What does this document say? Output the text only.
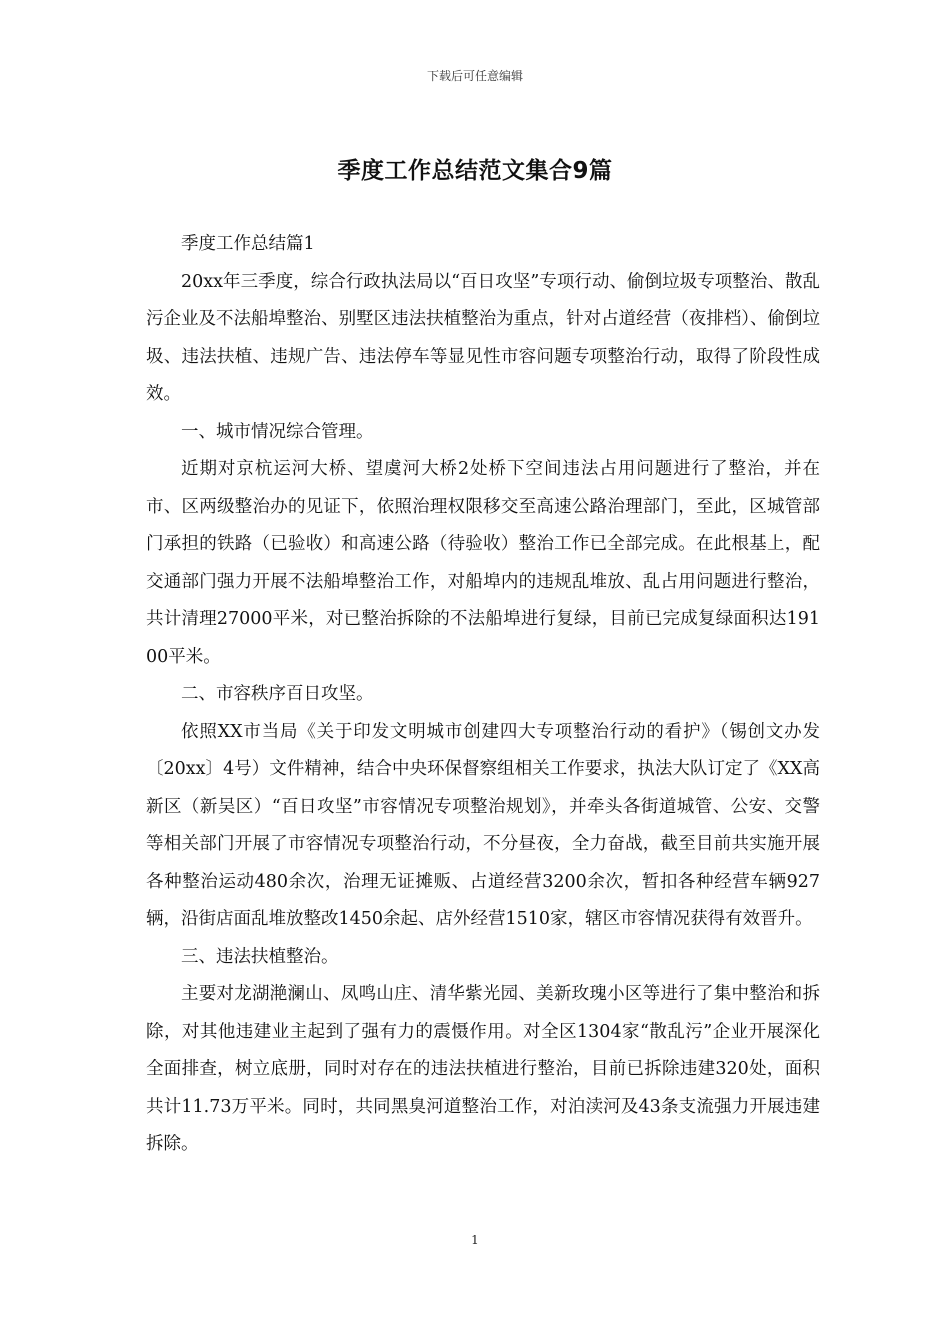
下载后可任意编辑
季度工作总结范文集合9篇

季度工作总结篇1

20xx年三季度，综合行政执法局以“百日攻坚”专项行动、偷倒垃圾专项整治、散乱污企业及不法船埠整治、别墅区违法扶植整治为重点，针对占道经营（夜排档）、偷倒垃圾、违法扶植、违规广告、违法停车等显见性市容问题专项整治行动，取得了阶段性成效。

一、城市情况综合管理。

近期对京杭运河大桥、望虞河大桥2处桥下空间违法占用问题进行了整治，并在市、区两级整治办的见证下，依照治理权限移交至高速公路治理部门，至此，区城管部门承担的铁路（已验收）和高速公路（待验收）整治工作已全部完成。在此根基上，配交通部门强力开展不法船埠整治工作，对船埠内的违规乱堆放、乱占用问题进行整治，共计清理27000平米，对已整治拆除的不法船埠进行复绿，目前已完成复绿面积达19100平米。

二、市容秩序百日攻坚。

依照XX市当局《关于印发文明城市创建四大专项整治行动的看护》（锡创文办发〔20xx〕4号）文件精神，结合中央环保督察组相关工作要求，执法大队订定了《XX高新区（新吴区）“百日攻坚”市容情况专项整治规划》，并牵头各街道城管、公安、交警等相关部门开展了市容情况专项整治行动，不分昼夜，全力奋战，截至目前共实施开展各种整治运动480余次，治理无证摊贩、占道经营3200余次，暂扣各种经营车辆927辆，沿街店面乱堆放整改1450余起、店外经营1510家，辖区市容情况获得有效晋升。

三、违法扶植整治。

主要对龙湖滟澜山、凤鸣山庄、清华紫光园、美新玫瑰小区等进行了集中整治和拆除，对其他违建业主起到了强有力的震慑作用。对全区1304家“散乱污”企业开展深化全面排查，树立底册，同时对存在的违法扶植进行整治，目前已拆除违建320处，面积共计11.73万平米。同时，共同黑臭河道整治工作，对泊渎河及43条支流强力开展违建拆除。

1
